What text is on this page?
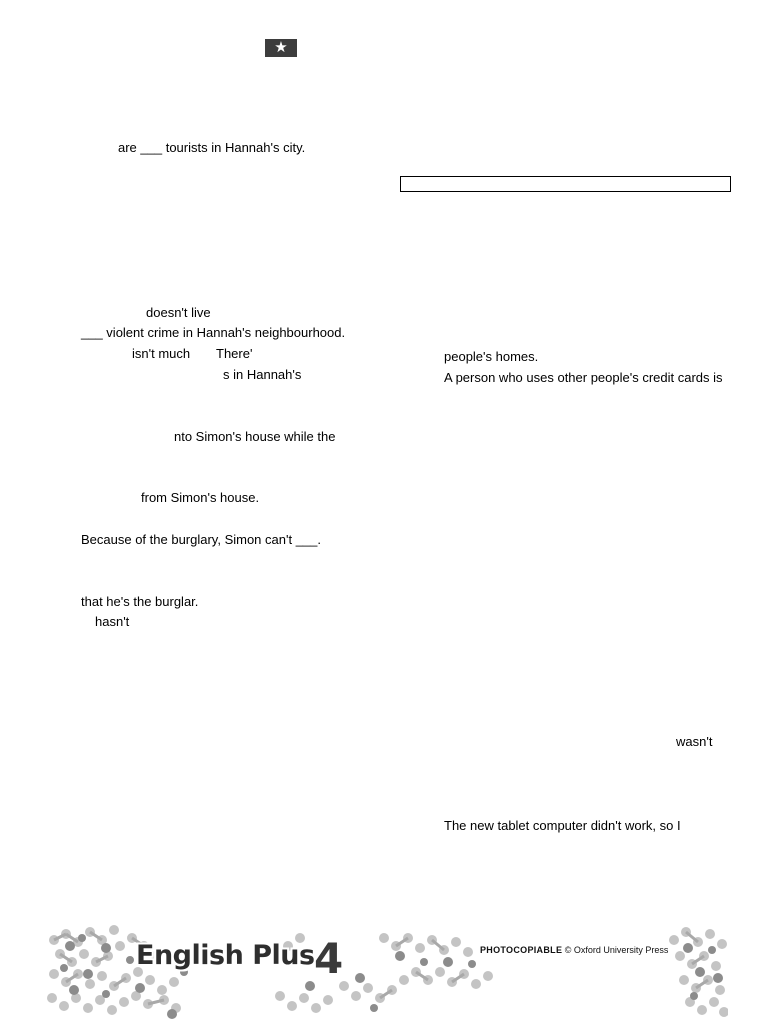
★
are ___ tourists in Hannah's city.
doesn't live
___ violent crime in Hannah's neighbourhood.
isn't much There'
s in Hannah's
nto Simon's house while the
from Simon's house.
Because of the burglary, Simon can't ___.
that he's the burglar.
hasn't
people's homes.
A person who uses other people's credit cards is
wasn't
The new tablet computer didn't work, so I
English Plus 4	PHOTOCOPIABLE © Oxford University Press
